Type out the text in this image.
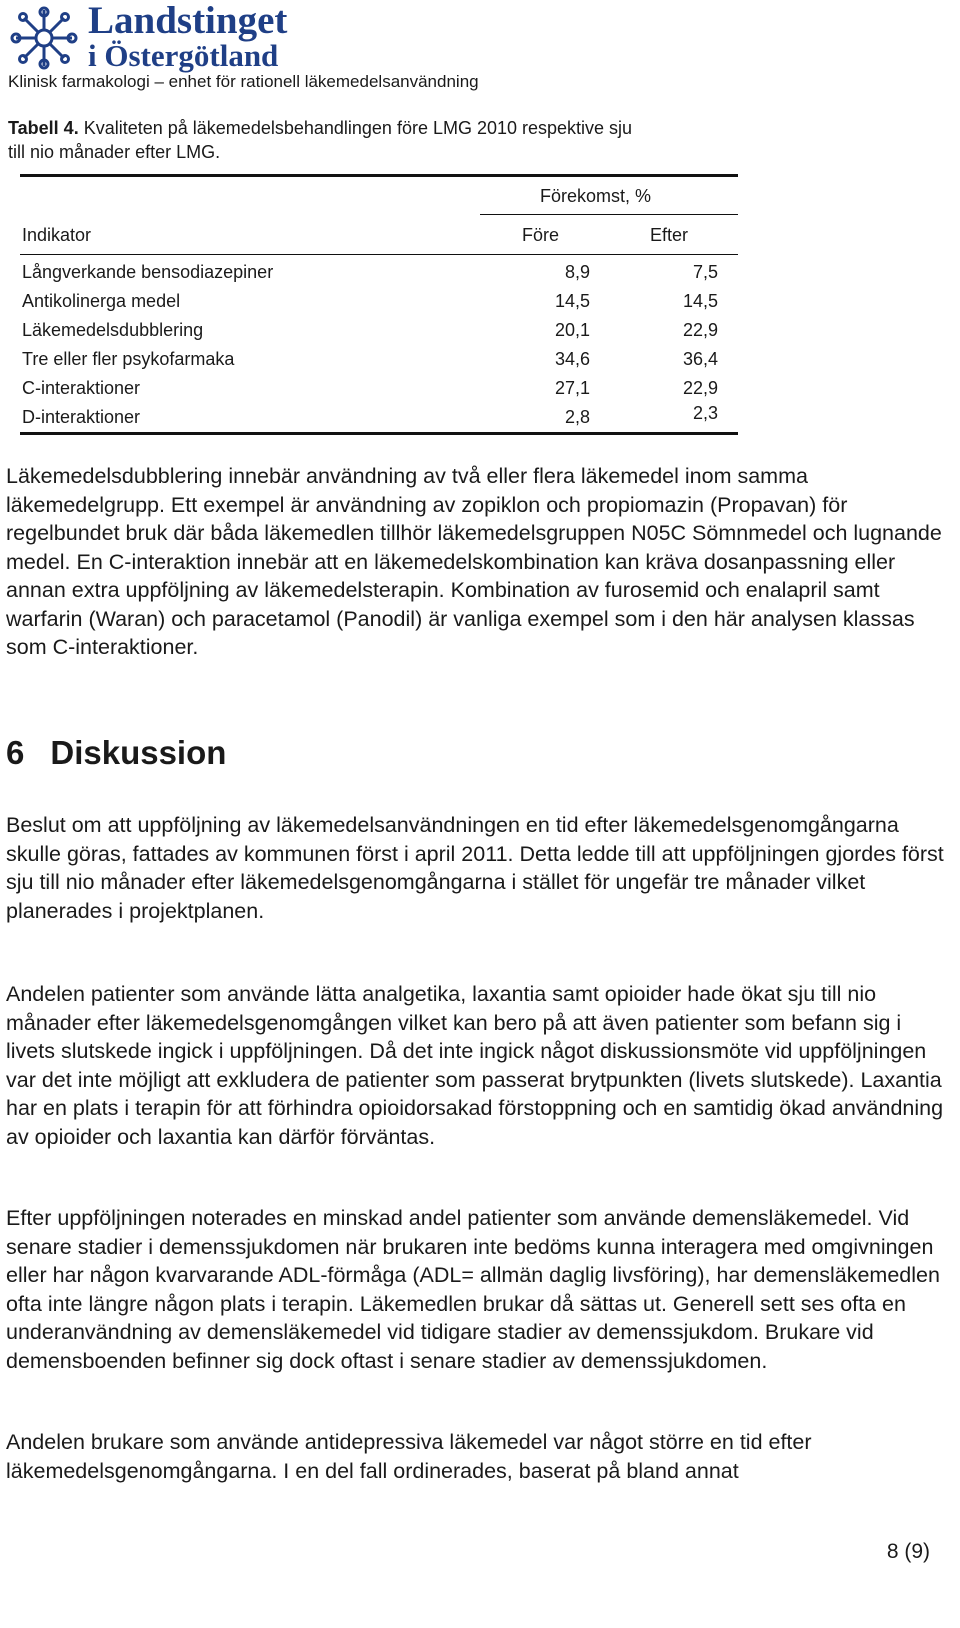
Landstinget
i Östergötland
Klinisk farmakologi – enhet för rationell läkemedelsanvändning
Tabell 4. Kvaliteten på läkemedelsbehandlingen före LMG 2010 respektive sju till nio månader efter LMG.
Förekomst, %
Indikator	Före	Efter
Långverkande bensodiazepiner	8,9	7,5
Antikolinerga medel	14,5	14,5
Läkemedelsdubblering	20,1	22,9
Tre eller fler psykofarmaka	34,6	36,4
C-interaktioner	27,1	22,9
D-interaktioner	2,8	2,3

Läkemedelsdubblering innebär användning av två eller flera läkemedel inom samma läkemedelgrupp. Ett exempel är användning av zopiklon och propiomazin (Propavan) för regelbundet bruk där båda läkemedlen tillhör läkemedelsgruppen N05C Sömnmedel och lugnande medel. En C-interaktion innebär att en läkemedelskombination kan kräva dosanpassning eller annan extra uppföljning av läkemedelsterapin. Kombination av furosemid och enalapril samt warfarin (Waran) och paracetamol (Panodil) är vanliga exempel som i den här analysen klassas som C-interaktioner.

6 Diskussion

Beslut om att uppföljning av läkemedelsanvändningen en tid efter läkemedelsgenomgångarna skulle göras, fattades av kommunen först i april 2011. Detta ledde till att uppföljningen gjordes först sju till nio månader efter läkemedelsgenomgångarna i stället för ungefär tre månader vilket planerades i projektplanen.

Andelen patienter som använde lätta analgetika, laxantia samt opioider hade ökat sju till nio månader efter läkemedelsgenomgången vilket kan bero på att även patienter som befann sig i livets slutskede ingick i uppföljningen. Då det inte ingick något diskussionsmöte vid uppföljningen var det inte möjligt att exkludera de patienter som passerat brytpunkten (livets slutskede). Laxantia har en plats i terapin för att förhindra opioidorsakad förstoppning och en samtidig ökad användning av opioider och laxantia kan därför förväntas.

Efter uppföljningen noterades en minskad andel patienter som använde demensläkemedel. Vid senare stadier i demenssjukdomen när brukaren inte bedöms kunna interagera med omgivningen eller har någon kvarvarande ADL-förmåga (ADL= allmän daglig livsföring), har demensläkemedlen ofta inte längre någon plats i terapin. Läkemedlen brukar då sättas ut. Generell sett ses ofta en underanvändning av demensläkemedel vid tidigare stadier av demenssjukdom. Brukare vid demensboenden befinner sig dock oftast i senare stadier av demenssjukdomen.

Andelen brukare som använde antidepressiva läkemedel var något större en tid efter läkemedelsgenomgångarna. I en del fall ordinerades, baserat på bland annat

8 (9)
